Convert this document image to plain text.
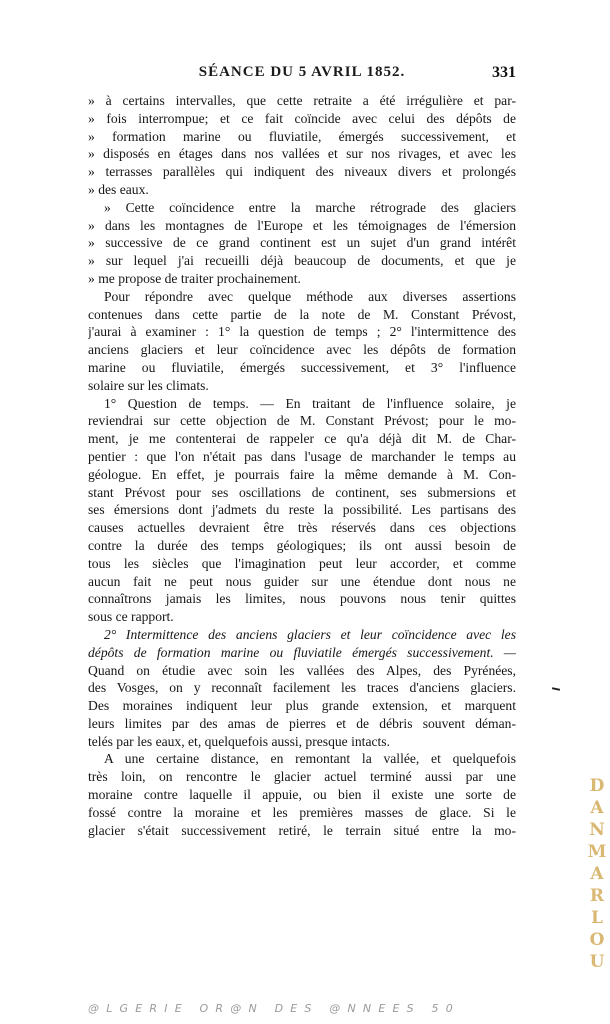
SÉANCE DU 5 AVRIL 1852.	331
» à certains intervalles, que cette retraite a été irrégulière et par-
» fois interrompue; et ce fait coïncide avec celui des dépôts de
» formation marine ou fluviatile, émergés successivement, et
» disposés en étages dans nos vallées et sur nos rivages, et avec les
» terrasses parallèles qui indiquent des niveaux divers et prolongés
» des eaux.
» Cette coïncidence entre la marche rétrograde des glaciers
» dans les montagnes de l'Europe et les témoignages de l'émersion
» successive de ce grand continent est un sujet d'un grand intérêt
» sur lequel j'ai recueilli déjà beaucoup de documents, et que je
» me propose de traiter prochainement.
Pour répondre avec quelque méthode aux diverses assertions
contenues dans cette partie de la note de M. Constant Prévost,
j'aurai à examiner : 1° la question de temps ; 2° l'intermittence des
anciens glaciers et leur coïncidence avec les dépôts de formation
marine ou fluviatile, émergés successivement, et 3° l'influence
solaire sur les climats.
1° Question de temps. — En traitant de l'influence solaire, je
reviendrai sur cette objection de M. Constant Prévost; pour le mo-
ment, je me contenterai de rappeler ce qu'a déjà dit M. de Char-
pentier : que l'on n'était pas dans l'usage de marchander le temps au
géologue. En effet, je pourrais faire la même demande à M. Con-
stant Prévost pour ses oscillations de continent, ses submersions et
ses émersions dont j'admets du reste la possibilité. Les partisans des
causes actuelles devraient être très réservés dans ces objections
contre la durée des temps géologiques; ils ont aussi besoin de
tous les siècles que l'imagination peut leur accorder, et comme
aucun fait ne peut nous guider sur une étendue dont nous ne
connaîtrons jamais les limites, nous pouvons nous tenir quittes
sous ce rapport.
2° Intermittence des anciens glaciers et leur coïncidence avec les
dépôts de formation marine ou fluviatile émergés successivement. —
Quand on étudie avec soin les vallées des Alpes, des Pyrénées,
des Vosges, on y reconnaît facilement les traces d'anciens glaciers.
Des moraines indiquent leur plus grande extension, et marquent
leurs limites par des amas de pierres et de débris souvent déman-
telés par les eaux, et, quelquefois aussi, presque intacts.
A une certaine distance, en remontant la vallée, et quelquefois
très loin, on rencontre le glacier actuel terminé aussi par une
moraine contre laquelle il appuie, ou bien il existe une sorte de
fossé contre la moraine et les premières masses de glace. Si le
glacier s'était successivement retiré, le terrain situé entre la mo-	DANMARLOU
@LGERIE OR@N DES @NNEES 50
